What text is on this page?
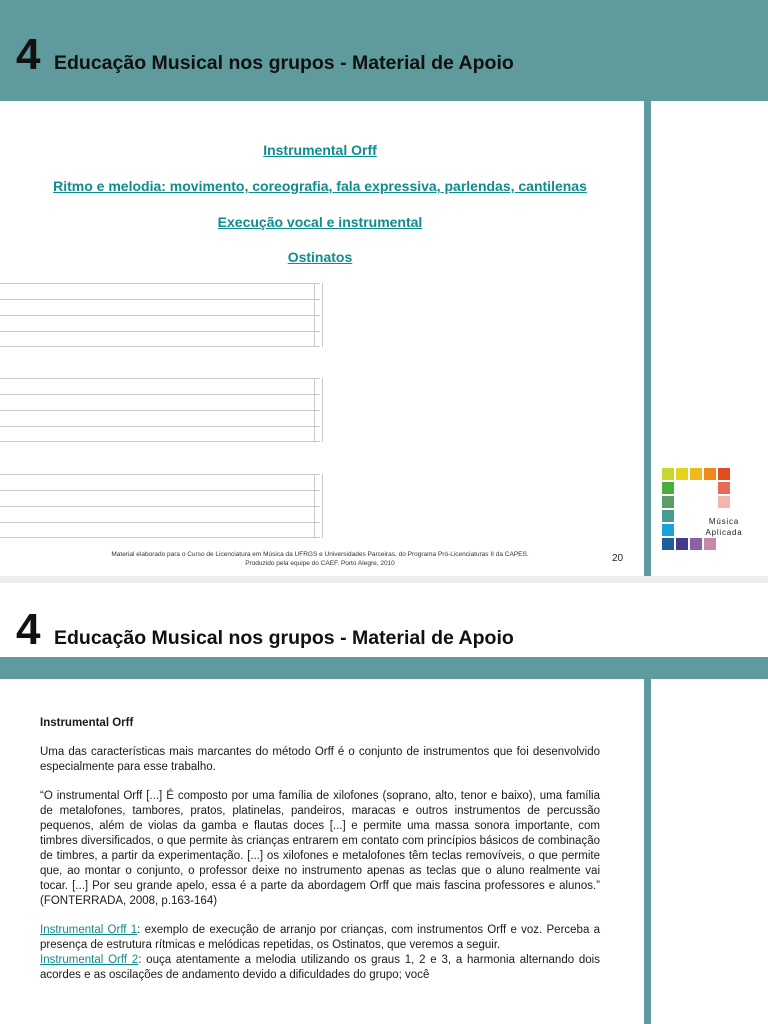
4 Educação Musical nos grupos - Material de Apoio
Instrumental Orff
Ritmo e melodia: movimento, coreografia, fala expressiva, parlendas, cantilenas
Execução vocal e instrumental
Ostinatos
Material elaborado para o Curso de Licenciatura em Música da UFRGS e Universidades Parceiras, do Programa Pró-Licenciaturas II da CAPES.
Produzido pela equipe do CAEF. Porto Alegre, 2010	20
Música
Aplicada
4 Educação Musical nos grupos - Material de Apoio

Instrumental Orff

Uma das características mais marcantes do método Orff é o conjunto de instrumentos que foi desenvolvido especialmente para esse trabalho.

“O instrumental Orff [...] É composto por uma família de xilofones (soprano, alto, tenor e baixo), uma família de metalofones, tambores, pratos, platinelas, pandeiros, maracas e outros instrumentos de percussão pequenos, além de violas da gamba e flautas doces [...] e permite uma massa sonora importante, com timbres diversificados, o que permite às crianças entrarem em contato com princípios básicos de combinação de timbres, a partir da experimentação. [...] os xilofones e metalofones têm teclas removíveis, o que permite que, ao montar o conjunto, o professor deixe no instrumento apenas as teclas que o aluno realmente vai tocar. [...] Por seu grande apelo, essa é a parte da abordagem Orff que mais fascina professores e alunos.” (FONTERRADA, 2008, p.163-164)

Instrumental Orff 1: exemplo de execução de arranjo por crianças, com instrumentos Orff e voz. Perceba a presença de estrutura rítmicas e melódicas repetidas, os Ostinatos, que veremos a seguir.

Instrumental Orff 2: ouça atentamente a melodia utilizando os graus 1, 2 e 3, a harmonia alternando dois acordes e as oscilações de andamento devido a dificuldades do grupo; você
